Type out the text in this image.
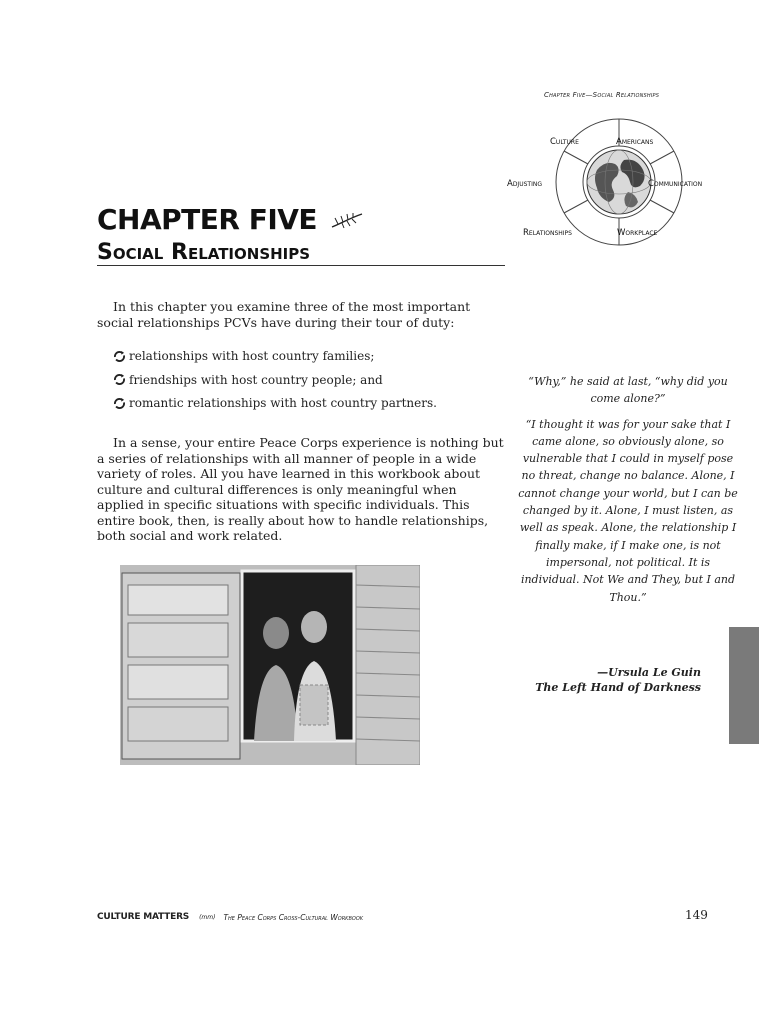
Chapter Five—Social Relationships
Culture	Americans
Communication
Workplace
Relationships
Adjusting
CHAPTER FIVE
Social Relationships
In this chapter you examine three of the most important social relationships PCVs have during their tour of duty:
relationships with host country families;
friendships with host country people; and
romantic relationships with host country partners.
In a sense, your entire Peace Corps experience is nothing but a series of relationships with all manner of people in a wide variety of roles. All you have learned in this workbook about culture and cultural differences is only meaningful when applied in specific situations with specific individuals. This entire book, then, is really about how to handle relationships, both social and work related.

“Why,” he said at last, “why did you come alone?”

“I thought it was for your sake that I came alone, so obviously alone, so vulnerable that I could in myself pose no threat, change no balance. Alone, I cannot change your world, but I can be changed by it. Alone, I must listen, as well as speak. Alone, the relationship I finally make, if I make one, is not impersonal, not political. It is individual. Not We and They, but I and Thou.”

—Ursula Le Guin
The Left Hand of Darkness
CULTURE MATTERS (mm) The Peace Corps Cross-Cultural Workbook	149
